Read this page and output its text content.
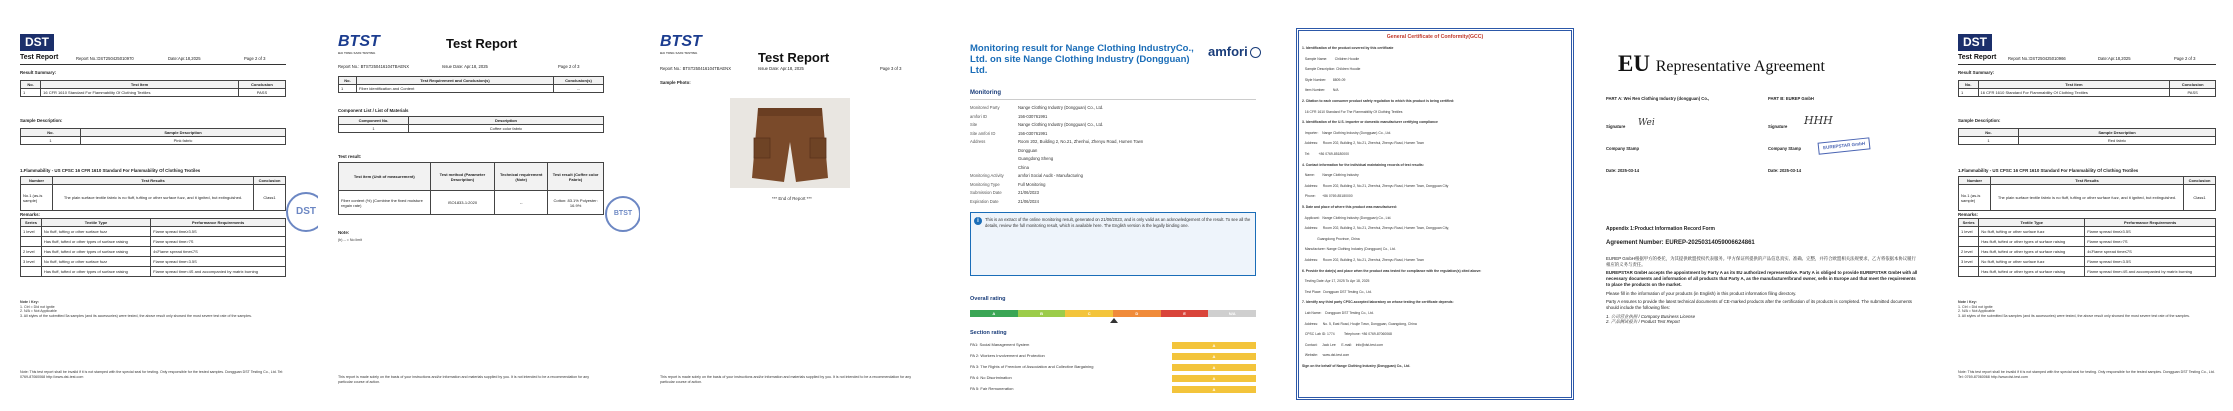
DST
Test Report	Report No.:DST250425010970	Date:Apr.18,2025	Page 2 of 3
Result Summary:
No.	Test Item	Conclusion
1	16 CFR 1610 Standard For Flammability Of Clothing Textiles	PASS
Sample Description:
No.	Sample Description
1	Pink fabric
1.Flammability - US CPSC 16 CFR 1610 Standard For Flammability Of Clothing Textiles
Number	Test Results	Conclusion
No.1 (as-is sample)	The plain surface textile fabric is no fluff, tufting or other surface fuzz, and it ignited, but extinguished.	Class1
Remarks:
Series	Textile Type	Performance Requirements
1 level	No fluff, tufting or other surface fuzz	Flame spread time≥3.5S
	Has fluff, tufted or other types of surface raising	Flame spread time>7S
2 level	Has fluff, tufted or other types of surface raising	4≤Flame spread time≤7S
3 level	No fluff, tufting or other surface fuzz	Flame spread time<3.5S
	Has fluff, tufted or other types of surface raising	Flame spread time<4S and accompanied by matrix burning
Note / Key:
1. Ctrl = Did not ignite
2. N/A = Not Applicable
3. All styles of the submitted 5a samples (and its accessories) were tested, the above result only showed the most severe test rate of the samples.
Note: This test report shall be invalid if it is not stamped with the special seal for testing. Only responsible for the tested samples. Dongguan DST Testing Co., Ltd. Tel: 0769-87060068 http://www.dst-test.com
DST
BTST
BAI TONG SAFE TESTING
Test Report
Report No.: BTST250416104TBAENX	Issue Date: Apr.18, 2025	Page 2 of 3
No.	Test Requirement and Conclusion(s)	Conclusion(s)
1	Fiber identification and Content	--
Component List / List of Materials
Component No.	Description
1	Coffee color fabric
Test result:
Test item (Unit of measurement)	Test method (Parameter Description)	Technical requirement (Note)	Test result (Coffee color Fabric)
Fiber content (%) (Combine the fixed moisture regain rate)	ISO1833-1:2020	--	Cotton: 83.1% Polyester: 16.9%
Note:
(b) -- = No limit
This report is made solely on the basis of your instructions and/or information and materials supplied by you. It is not intended to be a recommendation for any particular course of action.
BTST
BTST
BAI TONG SAFE TESTING	Test Report
Report No.: BTST250416104TBAENX	Issue Date: Apr.18, 2025	Page 3 of 3
Sample Photo:
*** End of Report ***
This report is made solely on the basis of your instructions and/or information and materials supplied by you. It is not intended to be a recommendation for any particular course of action.
Monitoring result for Nange Clothing IndustryCo., Ltd. on site Nange Clothing Industry (Dongguan) Ltd.
amfori
Monitoring
Monitored Party	Nange Clothing Industry (Dongguan) Co., Ltd.
amfori ID	156-030761991
Site	Nange Clothing Industry (Dongguan) Co., Ltd.
Site amfori ID	156-030761991
Address	Room 202, Building 2, No.21, Zhenhui, Zhenyu Road, Humen Town
Dongguan
Guangdong Sheng
China
Monitoring Activity	amfori Social Audit - Manufacturing
Monitoring Type	Full Monitoring
Submission Date	21/06/2023
Expiration Date	21/06/2024
i	This is an extract of the online monitoring result, generated on 21/06/2023, and is only valid as an acknowledgement of the result. To see all the details, review the full monitoring result, which is available here. The English version is the legally binding one.
Overall rating
A	B	C	D	E	N/A
Section rating
PA1: Social Management System	A
PA 2: Workers Involvement and Protection	A
PA 3: The Rights of Freedom of Association and Collective Bargaining	A
PA 4: No Discrimination	A
PA 5: Fair Remuneration	A
General Certificate of Conformity(GCC)
1. Identification of the product covered by this certificate
Sample Name:        Children Hoodie
Sample Description: Children Hoodie
Style Number:       8809-09
Item Number:        N/A
2. Citation to each consumer product safety regulation to which this product is being certified:
16 CFR 1610 Standard For The Flammability Of Clothing Textiles
3. Identification of the U.S. importer or domestic manufacturer certifying compliance
Importer:    Nange Clothing Industry (Dongguan) Co., Ltd.
Address:     Room 202, Building 2, No.21, Zhenhui, Zhenyu Road, Humen Town
Tel:         +86 0769-85180000
4. Contact information for the individual maintaining records of test results:
Name:        Nange Clothing Industry
Address:     Room 202, Building 2, No.21, Zhenhui, Zhenyu Road, Humen Town, Dongguan City
Phone:       +86 0769-85180000
5. Date and place of where this product was manufactured:
Applicant:   Nange Clothing Industry (Dongguan) Co., Ltd.
Address:     Room 202, Building 2, No.21, Zhenhui, Zhenyu Road, Humen Town, Dongguan City,
Guangdong Province, China
Manufacturer: Nange Clothing Industry (Dongguan) Co., Ltd.
Address:     Room 202, Building 2, No.21, Zhenhui, Zhenyu Road, Humen Town
6. Provide the date(s) and place when the product was tested for compliance with the regulation(s) cited above:
Testing Date: Apr 17, 2025 To Apr 18, 2025
Test Place:  Dongguan DST Testing Co., Ltd.
7. Identify any third party CPSC-accepted laboratory on whose testing the certificate depends:
Lab Name:    Dongguan DST Testing Co., Ltd.
Address:     No. 5, East Road, Houjie Town, Dongguan, Guangdong, China
CPSC Lab ID: 1774          Telephone: +86 0769-87060068
Contact:     Jack Lee      E-mail:    info@dst-test.com
Website:     www.dst-test.com
Sign on the behalf of Nange Clothing Industry (Dongguan) Co., Ltd.
EU Representative Agreement
PART A: Wei Ren Clothing Industry (dongguan) Co.,	PART B: EUREP GmbH
Signature Wei	Signature HHH
Company Stamp	Company Stamp	EUREPSTAR GmbH
Date: 2025-03-14	Date: 2025-03-14
Appendix 1:Product Information Record Form
Agreement Number: EUREP-20250314059006624861
EUREP GmbH根据甲方的委托，为其提供欧盟授权代表服务。甲方保证所提供的产品信息真实、准确、完整，并符合欧盟相关法规要求，乙方将依据本协议履行相应的义务与责任。
EUREPSTAR GmbH accepts the appointment by Party A as its EU authorized representative. Party A is obliged to provide EUREPSTAR GmbH with all necessary documents and information of all products that Party A, as the manufacturer/brand owner, sells in Europe and that meet the requirements to place the products on the market.
Please fill in the information of your products (in English) in this product information filing directory.
Party A ensures to provide the latest technical documents of CE-marked products after the certification of its products is completed. The submitted documents should include the following files:
1. 公司营业执照 / Company Business License
2. 产品测试报告 / Product Test Report
DST
Test Report	Report No.:DST250425010966	Date:Apr.18,2025	Page 2 of 3
Result Summary:
No.	Test Item	Conclusion
1	16 CFR 1610 Standard For Flammability Of Clothing Textiles	PASS
Sample Description:
No.	Sample Description
1	Red fabric
1.Flammability - US CPSC 16 CFR 1610 Standard For Flammability Of Clothing Textiles
Number	Test Results	Conclusion
No.1 (as-is sample)	The plain surface textile fabric is no fluff, tufting or other surface fuzz, and it ignited, but extinguished.	Class1
Remarks:
Series	Textile Type	Performance Requirements
1 level	No fluff, tufting or other surface fuzz	Flame spread time≥3.5S
	Has fluff, tufted or other types of surface raising	Flame spread time>7S
2 level	Has fluff, tufted or other types of surface raising	4≤Flame spread time≤7S
3 level	No fluff, tufting or other surface fuzz	Flame spread time<3.5S
	Has fluff, tufted or other types of surface raising	Flame spread time<4S and accompanied by matrix burning
Note / Key:
1. Ctrl = Did not ignite
2. N/A = Not Applicable
3. All styles of the submitted 5a samples (and its accessories) were tested, the above result only showed the most severe test rate of the samples.
Note: This test report shall be invalid if it is not stamped with the special seal for testing. Only responsible for the tested samples. Dongguan DST Testing Co., Ltd. Tel: 0769-87060068 http://www.dst-test.com
